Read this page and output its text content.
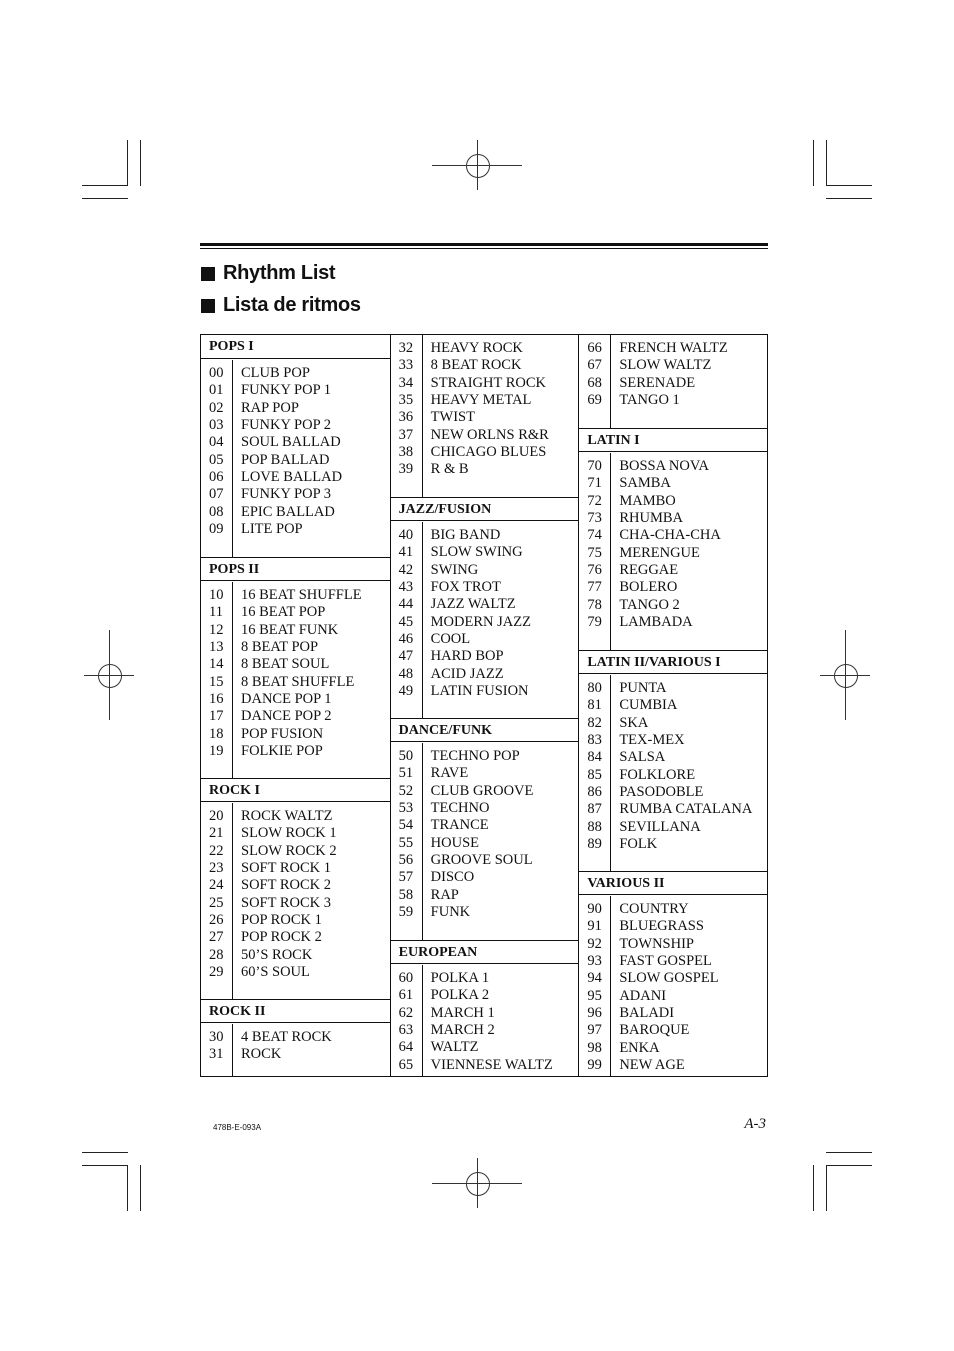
Rhythm List
Lista de ritmos
POPS I
00 CLUB POP
01 FUNKY POP 1
02 RAP POP
03 FUNKY POP 2
04 SOUL BALLAD
05 POP BALLAD
06 LOVE BALLAD
07 FUNKY POP 3
08 EPIC BALLAD
09 LITE POP
POPS II
10 16 BEAT SHUFFLE
11 16 BEAT POP
12 16 BEAT FUNK
13 8 BEAT POP
14 8 BEAT SOUL
15 8 BEAT SHUFFLE
16 DANCE POP 1
17 DANCE POP 2
18 POP FUSION
19 FOLKIE POP
ROCK I
20 ROCK WALTZ
21 SLOW ROCK 1
22 SLOW ROCK 2
23 SOFT ROCK 1
24 SOFT ROCK 2
25 SOFT ROCK 3
26 POP ROCK 1
27 POP ROCK 2
28 50’S ROCK
29 60’S SOUL
ROCK II
30 4 BEAT ROCK
31 ROCK
32 HEAVY ROCK
33 8 BEAT ROCK
34 STRAIGHT ROCK
35 HEAVY METAL
36 TWIST
37 NEW ORLNS R&R
38 CHICAGO BLUES
39 R & B
JAZZ/FUSION
40 BIG BAND
41 SLOW SWING
42 SWING
43 FOX TROT
44 JAZZ WALTZ
45 MODERN JAZZ
46 COOL
47 HARD BOP
48 ACID JAZZ
49 LATIN FUSION
DANCE/FUNK
50 TECHNO POP
51 RAVE
52 CLUB GROOVE
53 TECHNO
54 TRANCE
55 HOUSE
56 GROOVE SOUL
57 DISCO
58 RAP
59 FUNK
EUROPEAN
60 POLKA 1
61 POLKA 2
62 MARCH 1
63 MARCH 2
64 WALTZ
65 VIENNESE WALTZ
66 FRENCH WALTZ
67 SLOW WALTZ
68 SERENADE
69 TANGO 1
LATIN I
70 BOSSA NOVA
71 SAMBA
72 MAMBO
73 RHUMBA
74 CHA-CHA-CHA
75 MERENGUE
76 REGGAE
77 BOLERO
78 TANGO 2
79 LAMBADA
LATIN II/VARIOUS I
80 PUNTA
81 CUMBIA
82 SKA
83 TEX-MEX
84 SALSA
85 FOLKLORE
86 PASODOBLE
87 RUMBA CATALANA
88 SEVILLANA
89 FOLK
VARIOUS II
90 COUNTRY
91 BLUEGRASS
92 TOWNSHIP
93 FAST GOSPEL
94 SLOW GOSPEL
95 ADANI
96 BALADI
97 BAROQUE
98 ENKA
99 NEW AGE
478B-E-093A	A-3
